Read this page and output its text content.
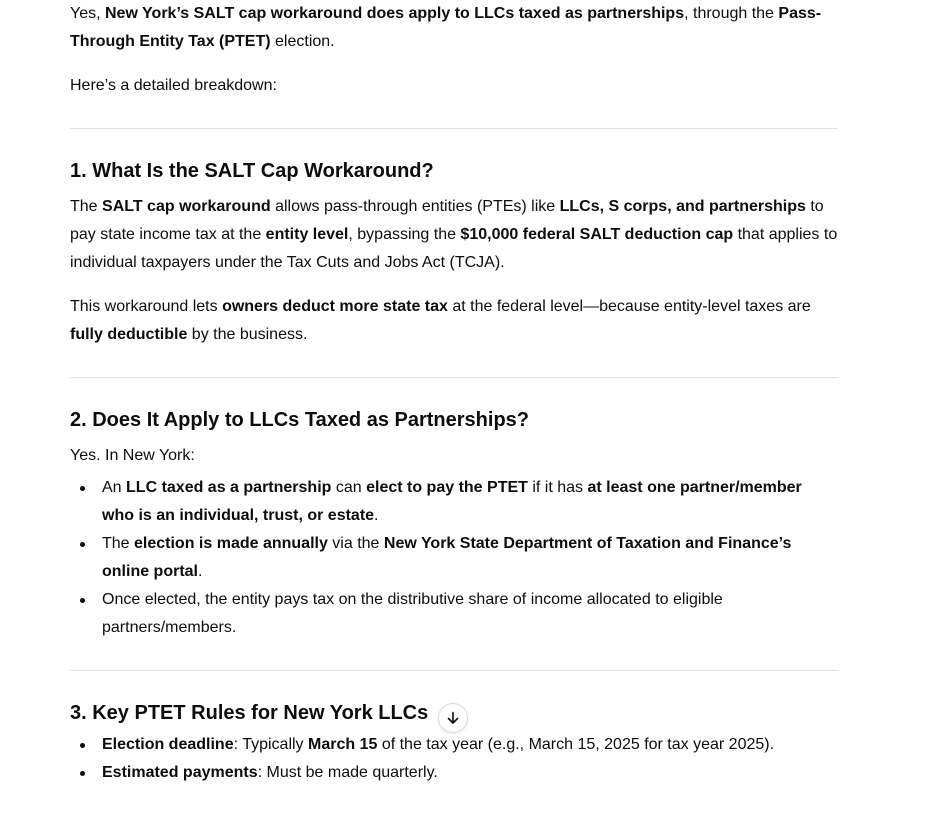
Yes, New York’s SALT cap workaround does apply to LLCs taxed as partnerships, through the Pass-Through Entity Tax (PTET) election.

Here’s a detailed breakdown:

1. What Is the SALT Cap Workaround?

The SALT cap workaround allows pass-through entities (PTEs) like LLCs, S corps, and partnerships to pay state income tax at the entity level, bypassing the $10,000 federal SALT deduction cap that applies to individual taxpayers under the Tax Cuts and Jobs Act (TCJA).

This workaround lets owners deduct more state tax at the federal level—because entity-level taxes are fully deductible by the business.

2. Does It Apply to LLCs Taxed as Partnerships?

Yes. In New York:

An LLC taxed as a partnership can elect to pay the PTET if it has at least one partner/member who is an individual, trust, or estate.
The election is made annually via the New York State Department of Taxation and Finance’s online portal.
Once elected, the entity pays tax on the distributive share of income allocated to eligible partners/members.
3. Key PTET Rules for New York LLCs
Election deadline: Typically March 15 of the tax year (e.g., March 15, 2025 for tax year 2025).
Estimated payments: Must be made quarterly.
